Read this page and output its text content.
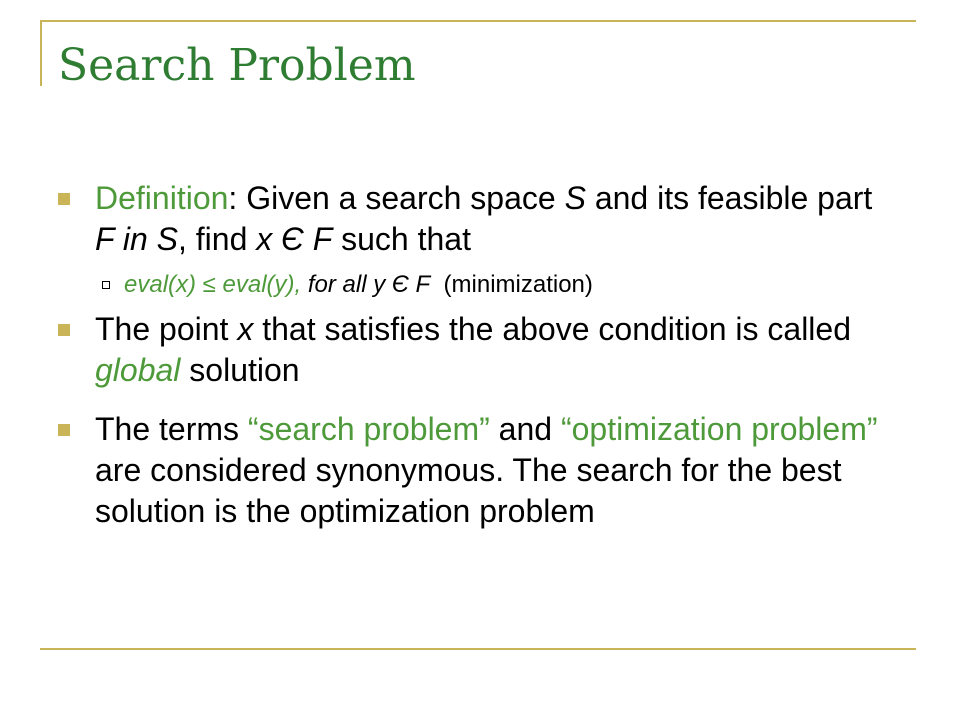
Search Problem
Definition: Given a search space S and its feasible part F in S, find x Є F such that
eval(x) ≤ eval(y), for all y Є F  (minimization)
The point x that satisfies the above condition is called global solution
The terms “search problem” and “optimization problem” are considered synonymous. The search for the best solution is the optimization problem
